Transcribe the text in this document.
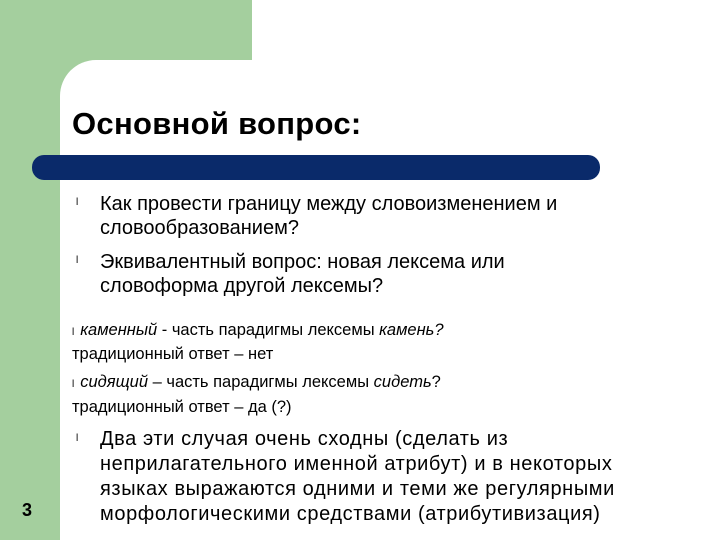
Основной вопрос:
l Как провести границу между словоизменением и
словообразованием?
l Эквивалентный вопрос: новая лексема или
словоформа другой лексемы?
l каменный - часть парадигмы лексемы камень?
традиционный ответ – нет
l сидящий – часть парадигмы лексемы сидеть?
традиционный ответ – да (?)
l Два эти случая очень сходны (сделать из
неприлагательного именной атрибут) и в некоторых
языках выражаются одними и теми же регулярными
морфологическими средствами (атрибутивизация)
3
